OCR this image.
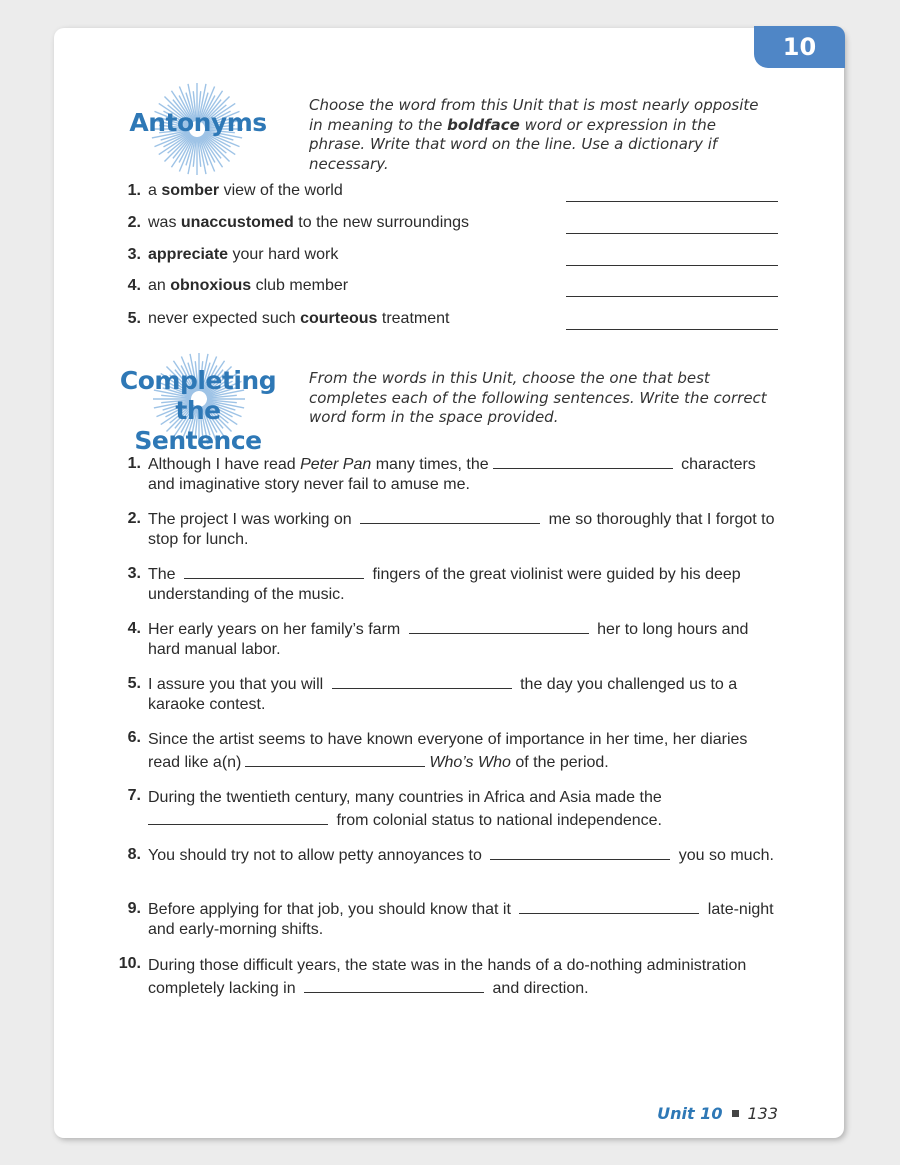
10
Antonyms
Choose the word from this Unit that is most nearly opposite in meaning to the boldface word or expression in the phrase. Write that word on the line. Use a dictionary if necessary.
1. a somber view of the world
2. was unaccustomed to the new surroundings
3. appreciate your hard work
4. an obnoxious club member
5. never expected such courteous treatment
Completing
the Sentence
From the words in this Unit, choose the one that best completes each of the following sentences. Write the correct word form in the space provided.
1. Although I have read Peter Pan many times, the	characters and imaginative story never fail to amuse me.
2. The project I was working on	me so thoroughly that I forgot to stop for lunch.
3. The	fingers of the great violinist were guided by his deep understanding of the music.
4. Her early years on her family’s farm	her to long hours and hard manual labor.
5. I assure you that you will	the day you challenged us to a karaoke contest.
6. Since the artist seems to have known everyone of importance in her time, her diaries read like a(n)	Who’s Who of the period.
7. During the twentieth century, many countries in Africa and Asia made the
from colonial status to national independence.
8. You should try not to allow petty annoyances to	you so much.
9. Before applying for that job, you should know that it	late-night and early-morning shifts.
10. During those difficult years, the state was in the hands of a do-nothing administration completely lacking in	and direction.
Unit 10 133
